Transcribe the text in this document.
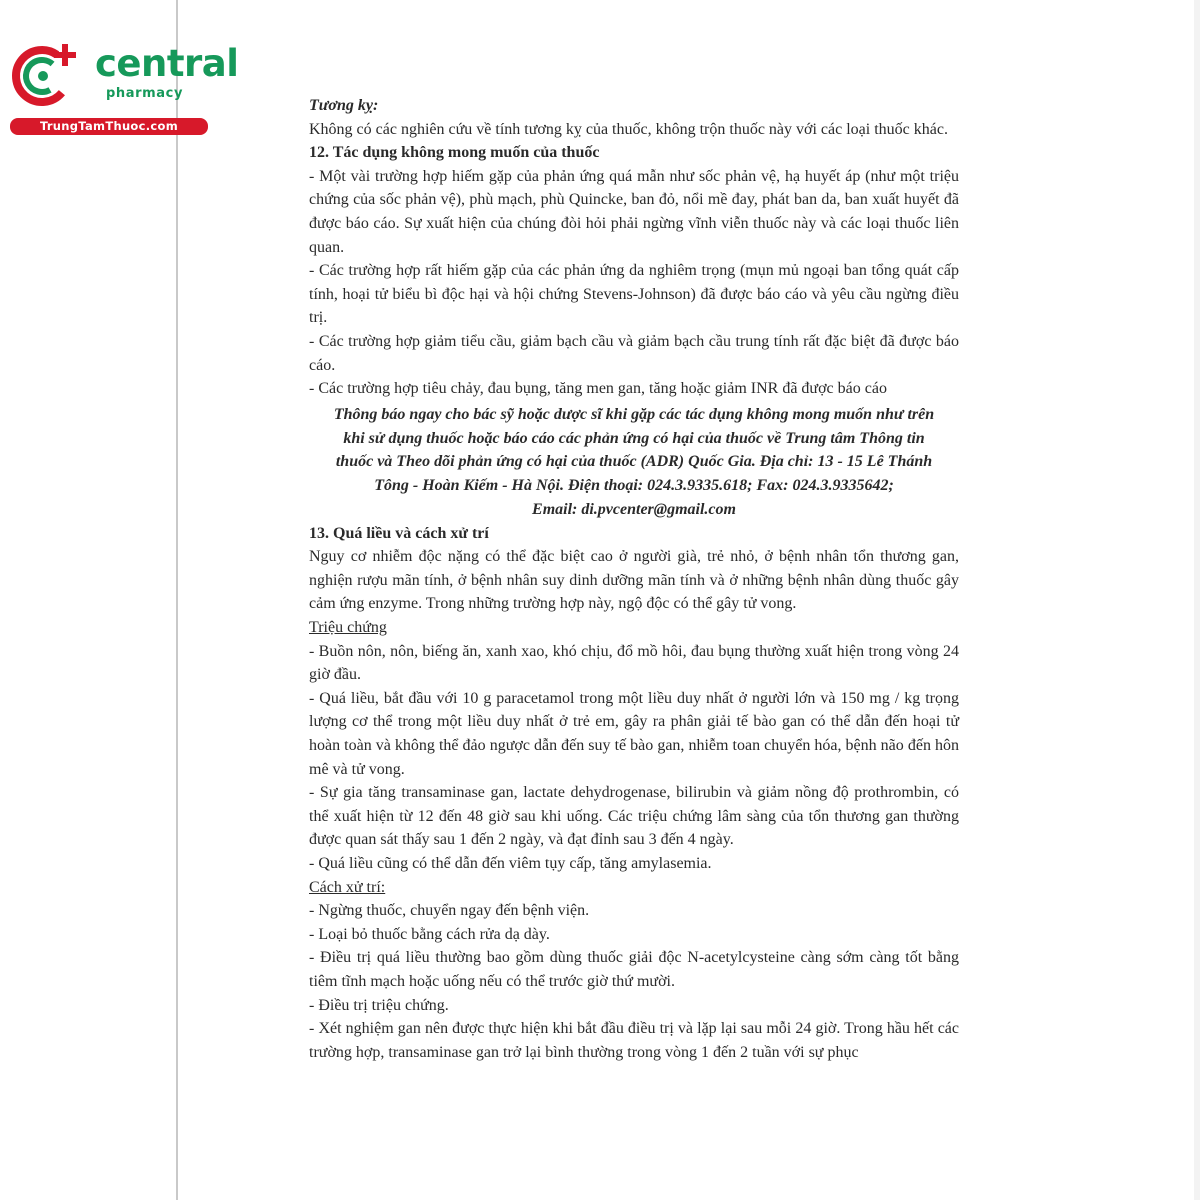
central
pharmacy
TrungTamThuoc.com

Tương kỵ:

Không có các nghiên cứu về tính tương kỵ của thuốc, không trộn thuốc này với các loại thuốc khác.

12. Tác dụng không mong muốn của thuốc

- Một vài trường hợp hiếm gặp của phản ứng quá mẫn như sốc phản vệ, hạ huyết áp (như một triệu chứng của sốc phản vệ), phù mạch, phù Quincke, ban đỏ, nổi mề đay, phát ban da, ban xuất huyết đã được báo cáo. Sự xuất hiện của chúng đòi hỏi phải ngừng vĩnh viễn thuốc này và các loại thuốc liên quan.

- Các trường hợp rất hiếm gặp của các phản ứng da nghiêm trọng (mụn mủ ngoại ban tổng quát cấp tính, hoại tử biểu bì độc hại và hội chứng Stevens-Johnson) đã được báo cáo và yêu cầu ngừng điều trị.

- Các trường hợp giảm tiểu cầu, giảm bạch cầu và giảm bạch cầu trung tính rất đặc biệt đã được báo cáo.

- Các trường hợp tiêu chảy, đau bụng, tăng men gan, tăng hoặc giảm INR đã được báo cáo

Thông báo ngay cho bác sỹ hoặc dược sĩ khi gặp các tác dụng không mong muốn như trên
khi sử dụng thuốc hoặc báo cáo các phản ứng có hại của thuốc về Trung tâm Thông tin
thuốc và Theo dõi phản ứng có hại của thuốc (ADR) Quốc Gia. Địa chỉ: 13 - 15 Lê Thánh
Tông - Hoàn Kiếm - Hà Nội. Điện thoại: 024.3.9335.618; Fax: 024.3.9335642;
Email: di.pvcenter@gmail.com

13. Quá liều và cách xử trí

Nguy cơ nhiễm độc nặng có thể đặc biệt cao ở người già, trẻ nhỏ, ở bệnh nhân tổn thương gan, nghiện rượu mãn tính, ở bệnh nhân suy dinh dưỡng mãn tính và ở những bệnh nhân dùng thuốc gây cảm ứng enzyme. Trong những trường hợp này, ngộ độc có thể gây tử vong.

Triệu chứng

- Buồn nôn, nôn, biếng ăn, xanh xao, khó chịu, đổ mồ hôi, đau bụng thường xuất hiện trong vòng 24 giờ đầu.

- Quá liều, bắt đầu với 10 g paracetamol trong một liều duy nhất ở người lớn và 150 mg / kg trọng lượng cơ thể trong một liều duy nhất ở trẻ em, gây ra phân giải tế bào gan có thể dẫn đến hoại tử hoàn toàn và không thể đảo ngược dẫn đến suy tế bào gan, nhiễm toan chuyển hóa, bệnh não đến hôn mê và tử vong.

- Sự gia tăng transaminase gan, lactate dehydrogenase, bilirubin và giảm nồng độ prothrombin, có thể xuất hiện từ 12 đến 48 giờ sau khi uống. Các triệu chứng lâm sàng của tổn thương gan thường được quan sát thấy sau 1 đến 2 ngày, và đạt đỉnh sau 3 đến 4 ngày.

- Quá liều cũng có thể dẫn đến viêm tụy cấp, tăng amylasemia.

Cách xử trí:

- Ngừng thuốc, chuyển ngay đến bệnh viện.

- Loại bỏ thuốc bằng cách rửa dạ dày.

- Điều trị quá liều thường bao gồm dùng thuốc giải độc N-acetylcysteine càng sớm càng tốt bằng tiêm tĩnh mạch hoặc uống nếu có thể trước giờ thứ mười.

- Điều trị triệu chứng.

- Xét nghiệm gan nên được thực hiện khi bắt đầu điều trị và lặp lại sau mỗi 24 giờ. Trong hầu hết các trường hợp, transaminase gan trở lại bình thường trong vòng 1 đến 2 tuần với sự phục
